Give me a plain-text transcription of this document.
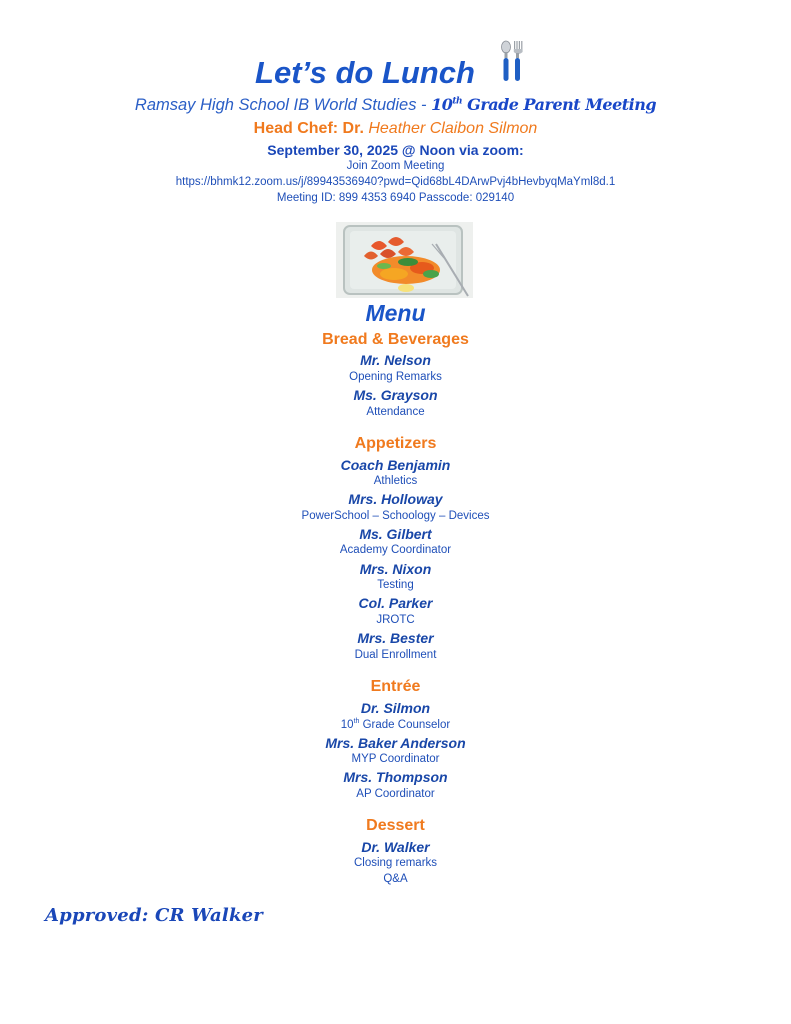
Let’s do Lunch
Ramsay High School IB World Studies - 10th Grade Parent Meeting
Head Chef: Dr. Heather Claibon Silmon
September 30, 2025 @ Noon via zoom:
Join Zoom Meeting
https://bhmk12.zoom.us/j/89943536940?pwd=Qid68bL4DArwPvj4bHevbyqMaYml8d.1
Meeting ID: 899 4353 6940 Passcode: 029140
Menu
Bread & Beverages
Mr. Nelson
Opening Remarks
Ms. Grayson
Attendance
Appetizers
Coach Benjamin
Athletics
Mrs. Holloway
PowerSchool – Schoology – Devices
Ms. Gilbert
Academy Coordinator
Mrs. Nixon
Testing
Col. Parker
JROTC
Mrs. Bester
Dual Enrollment
Entrée
Dr. Silmon
10th Grade Counselor
Mrs. Baker Anderson
MYP Coordinator
Mrs. Thompson
AP Coordinator
Dessert
Dr. Walker
Closing remarks
Q&A
Approved: CR Walker
